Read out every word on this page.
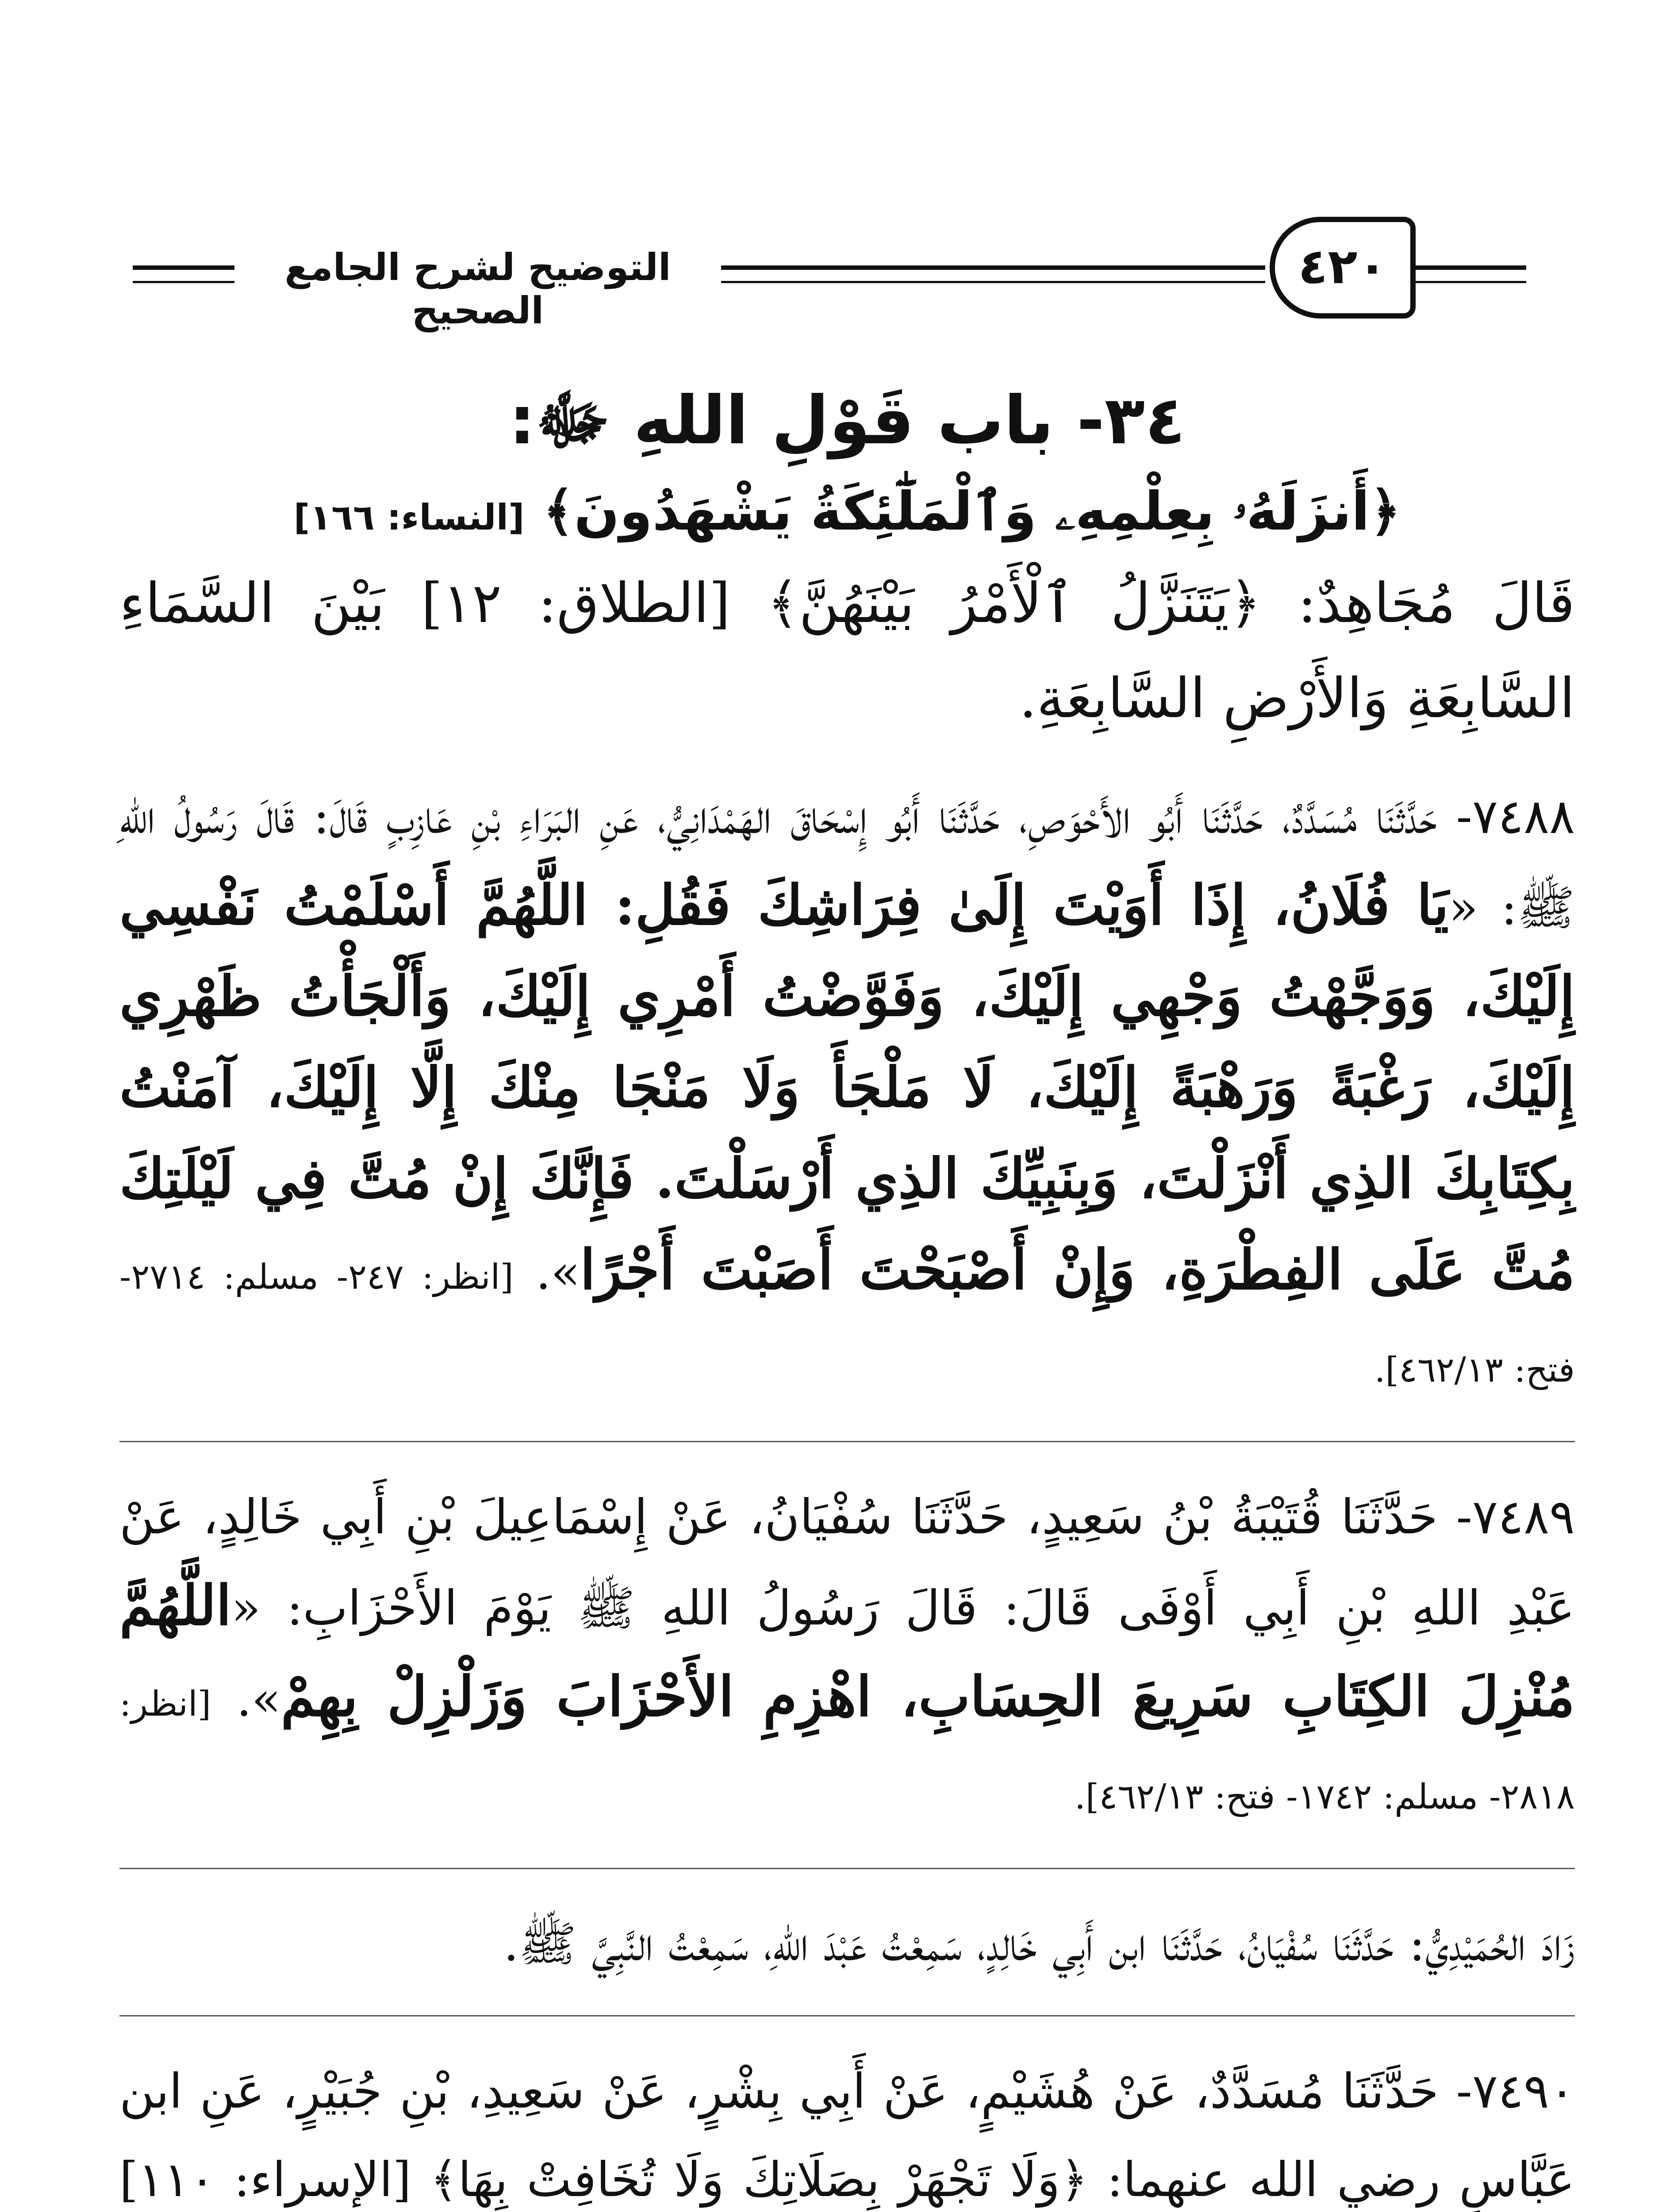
التوضيح لشرح الجامع الصحيح
٤٢٠
٣٤- باب قَوْلِ اللهِ ﷻ:
﴿أَنزَلَهُۥ بِعِلْمِهِۦ وَٱلْمَلَٰٓئِكَةُ يَشْهَدُونَ﴾ [النساء: ١٦٦]

قَالَ مُجَاهِدٌ: ﴿يَتَنَزَّلُ ٱلْأَمْرُ بَيْنَهُنَّ﴾ [الطلاق: ١٢] بَيْنَ السَّمَاءِ السَّابِعَةِ وَالأَرْضِ السَّابِعَةِ.

٧٤٨٨- حَدَّثَنَا مُسَدَّدٌ، حَدَّثَنَا أَبُو الأَحْوَصِ، حَدَّثَنَا أَبُو إِسْحَاقَ الهَمْدَانِيُّ، عَنِ البَرَاءِ بْنِ عَازِبٍ قَالَ: قَالَ رَسُولُ اللهِ ﷺ: «يَا فُلَانُ، إِذَا أَوَيْتَ إِلَىٰ فِرَاشِكَ فَقُلِ: اللَّهُمَّ أَسْلَمْتُ نَفْسِي إِلَيْكَ، وَوَجَّهْتُ وَجْهِي إِلَيْكَ، وَفَوَّضْتُ أَمْرِي إِلَيْكَ، وَأَلْجَأْتُ ظَهْرِي إِلَيْكَ، رَغْبَةً وَرَهْبَةً إِلَيْكَ، لَا مَلْجَأَ وَلَا مَنْجَا مِنْكَ إِلَّا إِلَيْكَ، آمَنْتُ بِكِتَابِكَ الذِي أَنْزَلْتَ، وَبِنَبِيِّكَ الذِي أَرْسَلْتَ. فَإِنَّكَ إِنْ مُتَّ فِي لَيْلَتِكَ مُتَّ عَلَى الفِطْرَةِ، وَإِنْ أَصْبَحْتَ أَصَبْتَ أَجْرًا». [انظر: ٢٤٧- مسلم: ٢٧١٤- فتح: ٤٦٢/١٣].

٧٤٨٩- حَدَّثَنَا قُتَيْبَةُ بْنُ سَعِيدٍ، حَدَّثَنَا سُفْيَانُ، عَنْ إِسْمَاعِيلَ بْنِ أَبِي خَالِدٍ، عَنْ عَبْدِ اللهِ بْنِ أَبِي أَوْفَى قَالَ: قَالَ رَسُولُ اللهِ ﷺ يَوْمَ الأَحْزَابِ: «اللَّهُمَّ مُنْزِلَ الكِتَابِ سَرِيعَ الحِسَابِ، اهْزِمِ الأَحْزَابَ وَزَلْزِلْ بِهِمْ». [انظر: ٢٨١٨- مسلم: ١٧٤٢- فتح: ٤٦٢/١٣].

زَادَ الحُمَيْدِيُّ: حَدَّثَنَا سُفْيَانُ، حَدَّثَنَا ابن أَبِي خَالِدٍ، سَمِعْتُ عَبْدَ اللهِ، سَمِعْتُ النَّبِيَّ ﷺ.

٧٤٩٠- حَدَّثَنَا مُسَدَّدٌ، عَنْ هُشَيْمٍ، عَنْ أَبِي بِشْرٍ، عَنْ سَعِيدِ، بْنِ جُبَيْرٍ، عَنِ ابن عَبَّاسٍ رضي الله عنهما: ﴿وَلَا تَجْهَرْ بِصَلَاتِكَ وَلَا تُخَافِتْ بِهَا﴾ [الإسراء: ١١٠]
